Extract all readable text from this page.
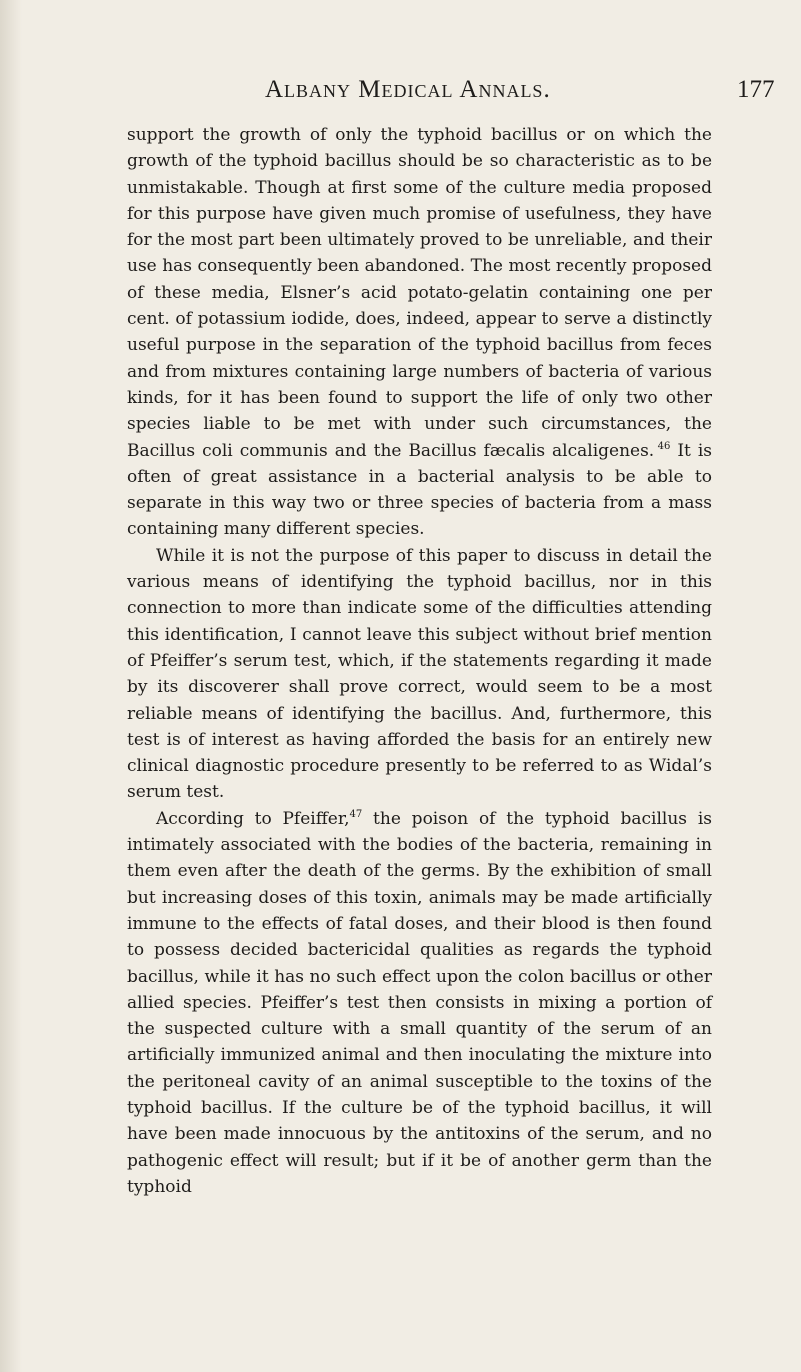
Albany Medical Annals.	177

support the growth of only the typhoid bacillus or on which the growth of the typhoid bacillus should be so characteristic as to be unmistakable. Though at first some of the culture media proposed for this purpose have given much promise of usefulness, they have for the most part been ultimately proved to be unreliable, and their use has consequently been abandoned. The most recently proposed of these media, Elsner’s acid potato-gelatin containing one per cent. of potassium iodide, does, indeed, appear to serve a distinctly useful purpose in the separation of the typhoid bacillus from feces and from mixtures containing large numbers of bacteria of various kinds, for it has been found to support the life of only two other species liable to be met with under such circumstances, the Bacillus coli communis and the Bacillus fæcalis alcaligenes.  $^{46}$ It is often of great assistance in a bacterial analysis to be able to separate in this way two or three species of bacteria from a mass containing many different species.

While it is not the purpose of this paper to discuss in detail the various means of identifying the typhoid bacillus, nor in this connection to more than indicate some of the difficulties attending this identification, I cannot leave this subject without brief mention of Pfeiffer’s serum test, which, if the statements regarding it made by its discoverer shall prove correct, would seem to be a most reliable means of identifying the bacillus. And, furthermore, this test is of interest as having afforded the basis for an entirely new clinical diagnostic procedure presently to be referred to as Widal’s serum test.

According to Pfeiffer,$^{47}$ the poison of the typhoid bacillus is intimately associated with the bodies of the bacteria, remaining in them even after the death of the germs. By the exhibition of small but increasing doses of this toxin, animals may be made artificially immune to the effects of fatal doses, and their blood is then found to possess decided bactericidal qualities as regards the typhoid bacillus, while it has no such effect upon the colon bacillus or other allied species. Pfeiffer’s test then consists in mixing a portion of the suspected culture with a small quantity of the serum of an artificially immunized animal and then inoculating the mixture into the peritoneal cavity of an animal susceptible to the toxins of the typhoid bacillus. If the culture be of the typhoid bacillus, it will have been made innocuous by the antitoxins of the serum, and no pathogenic effect will result; but if it be of another germ than the typhoid
